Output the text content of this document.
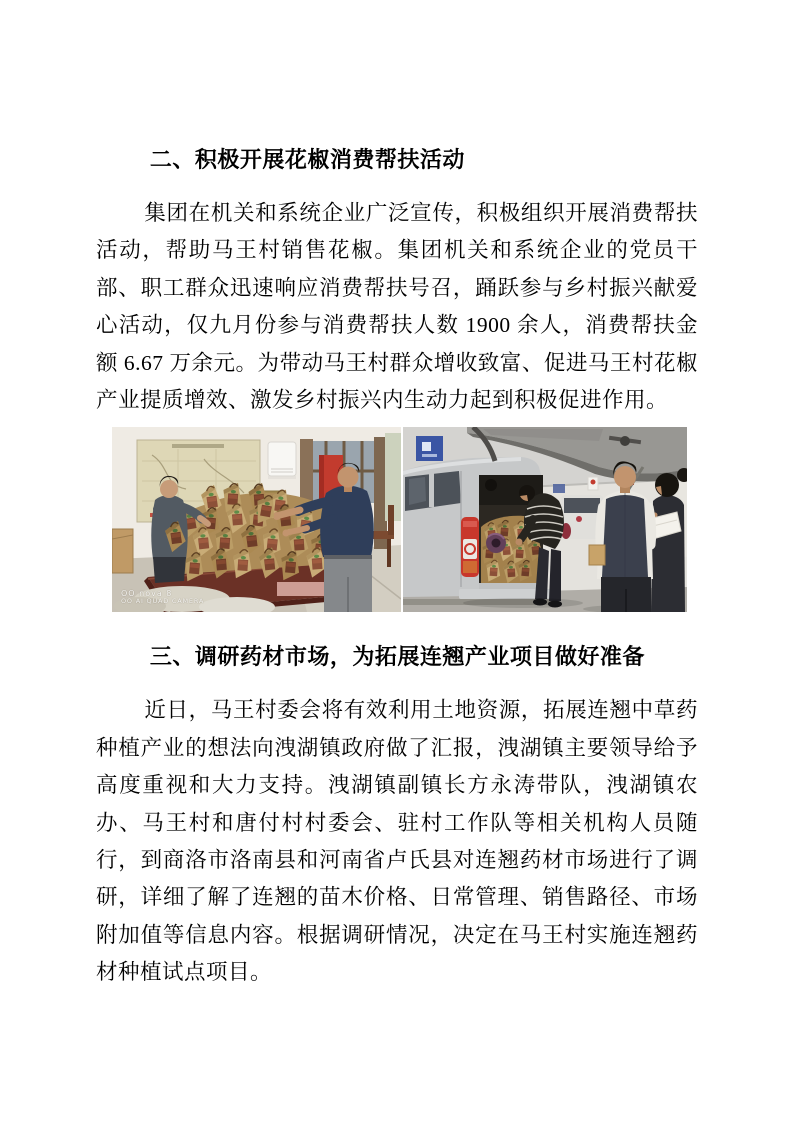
二、积极开展花椒消费帮扶活动

集团在机关和系统企业广泛宣传，积极组织开展消费帮扶活动，帮助马王村销售花椒。集团机关和系统企业的党员干部、职工群众迅速响应消费帮扶号召，踊跃参与乡村振兴献爱心活动，仅九月份参与消费帮扶人数 1900 余人，消费帮扶金额 6.67 万余元。为带动马王村群众增收致富、促进马王村花椒产业提质增效、激发乡村振兴内生动力起到积极促进作用。

OO nova 8
OO AI QUAD CAMERA
三、调研药材市场，为拓展连翘产业项目做好准备

近日，马王村委会将有效利用土地资源，拓展连翘中草药种植产业的想法向洩湖镇政府做了汇报，洩湖镇主要领导给予高度重视和大力支持。洩湖镇副镇长方永涛带队，洩湖镇农办、马王村和唐付村村委会、驻村工作队等相关机构人员随行，到商洛市洛南县和河南省卢氏县对连翘药材市场进行了调研，详细了解了连翘的苗木价格、日常管理、销售路径、市场附加值等信息内容。根据调研情况，决定在马王村实施连翘药材种植试点项目。
